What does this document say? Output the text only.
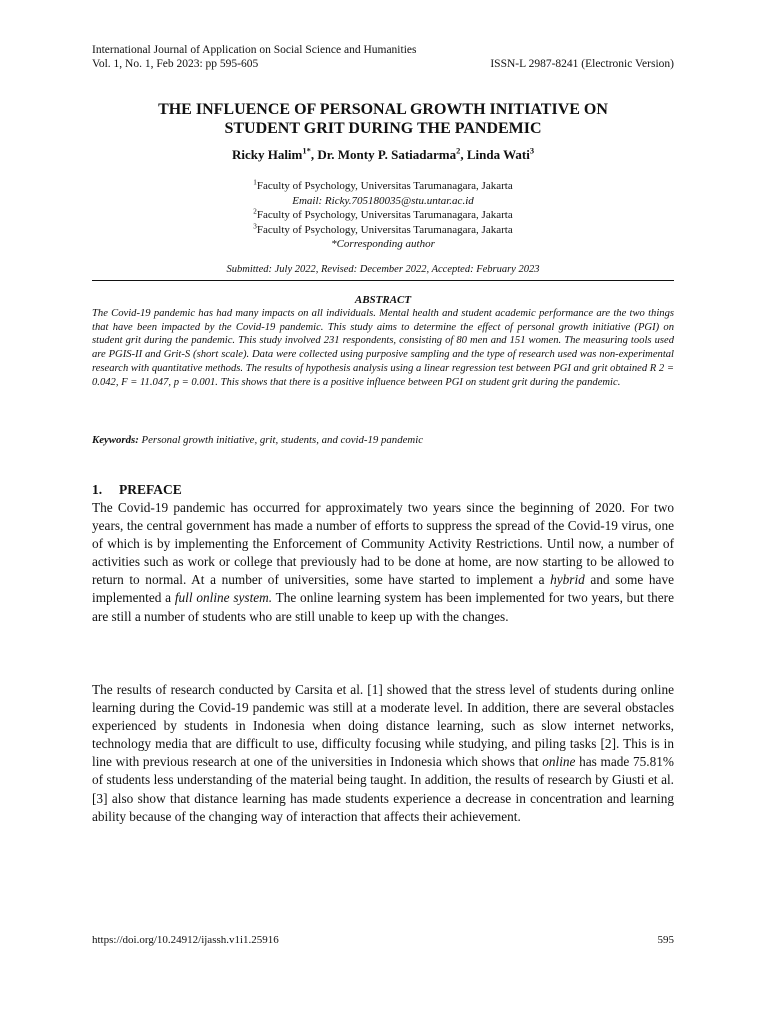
International Journal of Application on Social Science and Humanities
Vol. 1, No. 1, Feb 2023: pp 595-605	ISSN-L 2987-8241 (Electronic Version)
THE INFLUENCE OF PERSONAL GROWTH INITIATIVE ON
STUDENT GRIT DURING THE PANDEMIC
Ricky Halim$^{1*}$, Dr. Monty P. Satiadarma$^2$, Linda Wati$^3$
$^1$Faculty of Psychology, Universitas Tarumanagara, Jakarta
Email: Ricky.705180035@stu.untar.ac.id
$^2$Faculty of Psychology, Universitas Tarumanagara, Jakarta
$^3$Faculty of Psychology, Universitas Tarumanagara, Jakarta
*Corresponding author
Submitted: July 2022, Revised: December 2022, Accepted: February 2023
ABSTRACT
The Covid-19 pandemic has had many impacts on all individuals. Mental health and student academic performance are the two things that have been impacted by the Covid-19 pandemic. This study aims to determine the effect of personal growth initiative (PGI) on student grit during the pandemic. This study involved 231 respondents, consisting of 80 men and 151 women. The measuring tools used are PGIS-II and Grit-S (short scale). Data were collected using purposive sampling and the type of research used was non-experimental research with quantitative methods. The results of hypothesis analysis using a linear regression test between PGI and grit obtained R 2 = 0.042, F = 11.047, p = 0.001. This shows that there is a positive influence between PGI on student grit during the pandemic.
Keywords: Personal growth initiative, grit, students, and covid-19 pandemic
1. PREFACE
The Covid-19 pandemic has occurred for approximately two years since the beginning of 2020. For two years, the central government has made a number of efforts to suppress the spread of the Covid-19 virus, one of which is by implementing the Enforcement of Community Activity Restrictions. Until now, a number of activities such as work or college that previously had to be done at home, are now starting to be allowed to return to normal. At a number of universities, some have started to implement a hybrid and some have implemented a full online system. The online learning system has been implemented for two years, but there are still a number of students who are still unable to keep up with the changes.
The results of research conducted by Carsita et al. [1] showed that the stress level of students during online learning during the Covid-19 pandemic was still at a moderate level. In addition, there are several obstacles experienced by students in Indonesia when doing distance learning, such as slow internet networks, technology media that are difficult to use, difficulty focusing while studying, and piling tasks [2]. This is in line with previous research at one of the universities in Indonesia which shows that online has made 75.81% of students less understanding of the material being taught. In addition, the results of research by Giusti et al. [3] also show that distance learning has made students experience a decrease in concentration and learning ability because of the changing way of interaction that affects their achievement.
https://doi.org/10.24912/ijassh.v1i1.25916	595
